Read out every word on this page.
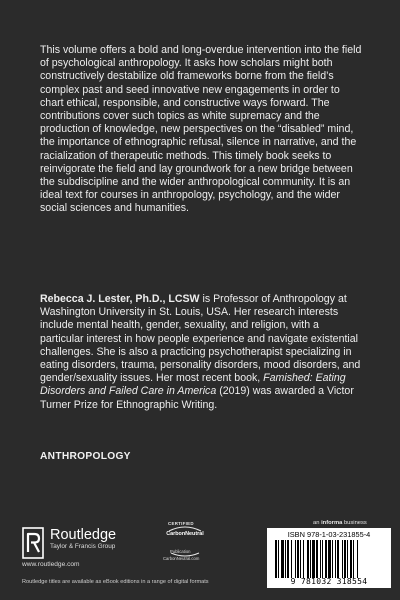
This volume offers a bold and long-overdue intervention into the field of psychological anthropology. It asks how scholars might both constructively destabilize old frameworks borne from the field’s complex past and seed innovative new engagements in order to chart ethical, responsible, and constructive ways forward. The contributions cover such topics as white supremacy and the production of knowledge, new perspectives on the “disabled” mind, the importance of ethnographic refusal, silence in narrative, and the racialization of therapeutic methods. This timely book seeks to reinvigorate the field and lay groundwork for a new bridge between the subdiscipline and the wider anthropological community. It is an ideal text for courses in anthropology, psychology, and the wider social sciences and humanities.

Rebecca J. Lester, Ph.D., LCSW is Professor of Anthropology at Washington University in St. Louis, USA. Her research interests include mental health, gender, sexuality, and religion, with a particular interest in how people experience and navigate existential challenges. She is also a practicing psychotherapist specializing in eating disorders, trauma, personality disorders, mood disorders, and gender/sexuality issues. Her most recent book, Famished: Eating Disorders and Failed Care in America (2019) was awarded a Victor Turner Prize for Ethnographic Writing.

ANTHROPOLOGY
Routledge
Taylor & Francis Group
www.routledge.com
CERTIFIED
CarbonNeutral
Publication
CarbonNeutral.com
an informa business
ISBN 978-1-03-231855-4
9 781032 318554
Routledge titles are available as eBook editions in a range of digital formats
